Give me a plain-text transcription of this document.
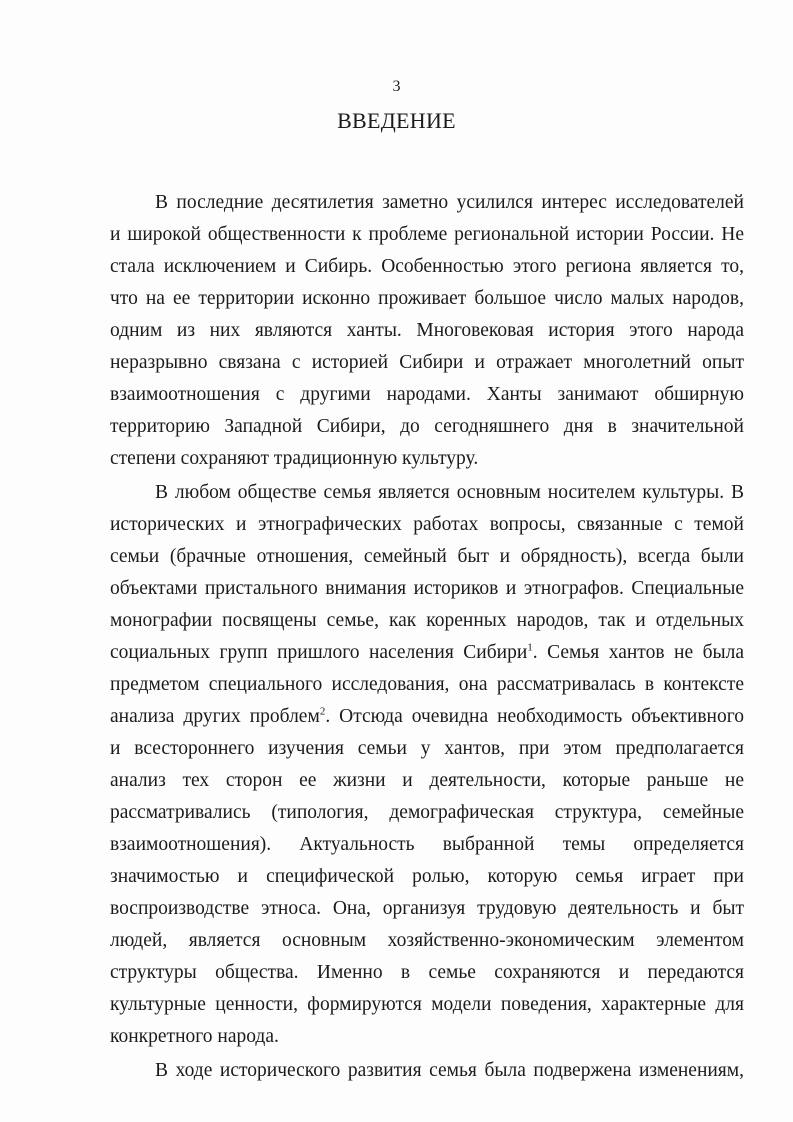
3
ВВЕДЕНИЕ
В последние десятилетия заметно усилился интерес исследователей
и широкой общественности к проблеме региональной истории России. Не
стала исключением и Сибирь. Особенностью этого региона является то,
что на ее территории исконно проживает большое число малых народов,
одним из них являются ханты. Многовековая история этого народа
неразрывно связана с историей Сибири и отражает многолетний опыт
взаимоотношения с другими народами. Ханты занимают обширную
территорию Западной Сибири, до сегодняшнего дня в значительной
степени сохраняют традиционную культуру.
В любом обществе семья является основным носителем культуры. В
исторических и этнографических работах вопросы, связанные с темой
семьи (брачные отношения, семейный быт и обрядность), всегда были
объектами пристального внимания историков и этнографов. Специальные
монографии посвящены семье, как коренных народов, так и отдельных
социальных групп пришлого населения Сибири$^1$. Семья хантов не была
предметом специального исследования, она рассматривалась в контексте
анализа других проблем$^2$. Отсюда очевидна необходимость объективного
и всестороннего изучения семьи у хантов, при этом предполагается
анализ тех сторон ее жизни и деятельности, которые раньше не
рассматривались (типология, демографическая структура, семейные
взаимоотношения). Актуальность выбранной темы определяется
значимостью и специфической ролью, которую семья играет при
воспроизводстве этноса. Она, организуя трудовую деятельность и быт
людей, является основным хозяйственно-экономическим элементом
структуры общества. Именно в семье сохраняются и передаются
культурные ценности, формируются модели поведения, характерные для
конкретного народа.
В ходе исторического развития семья была подвержена изменениям,
